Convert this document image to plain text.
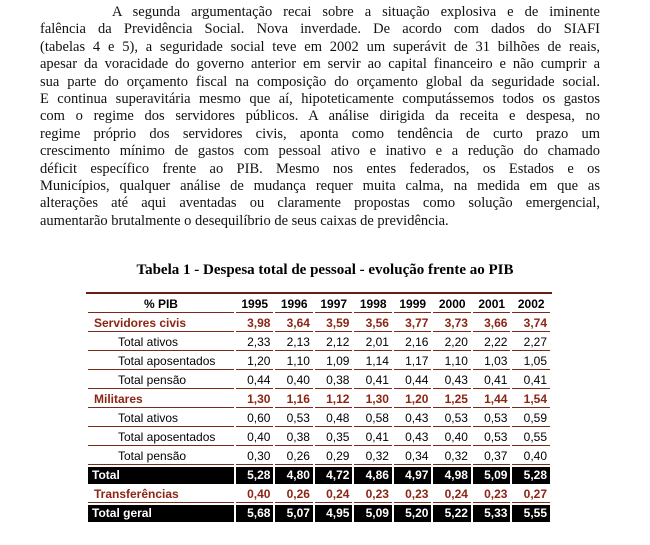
A segunda argumentação recai sobre a situação explosiva e de iminente
falência da Previdência Social. Nova inverdade. De acordo com dados do SIAFI
(tabelas 4 e 5), a seguridade social teve em 2002 um superávit de 31 bilhões de reais,
apesar da voracidade do governo anterior em servir ao capital financeiro e não cumprir a
sua parte do orçamento fiscal na composição do orçamento global da seguridade social.
E continua superavitária mesmo que aí, hipoteticamente computássemos todos os gastos
com o regime dos servidores públicos. A análise dirigida da receita e despesa, no
regime próprio dos servidores civis, aponta como tendência de curto prazo um
crescimento mínimo de gastos com pessoal ativo e inativo e a redução do chamado
déficit específico frente ao PIB. Mesmo nos entes federados, os Estados e os
Municípios, qualquer análise de mudança requer muita calma, na medida em que as
alterações até aqui aventadas ou claramente propostas como solução emergencial,
aumentarão brutalmente o desequilíbrio de seus caixas de previdência.
Tabela 1 - Despesa total de pessoal - evolução frente ao PIB
% PIB	1995	1996	1997	1998	1999	2000	2001	2002
Servidores civis	3,98	3,64	3,59	3,56	3,77	3,73	3,66	3,74
Total ativos	2,33	2,13	2,12	2,01	2,16	2,20	2,22	2,27
Total aposentados	1,20	1,10	1,09	1,14	1,17	1,10	1,03	1,05
Total pensão	0,44	0,40	0,38	0,41	0,44	0,43	0,41	0,41
Militares	1,30	1,16	1,12	1,30	1,20	1,25	1,44	1,54
Total ativos	0,60	0,53	0,48	0,58	0,43	0,53	0,53	0,59
Total aposentados	0,40	0,38	0,35	0,41	0,43	0,40	0,53	0,55
Total pensão	0,30	0,26	0,29	0,32	0,34	0,32	0,37	0,40
Total	5,28	4,80	4,72	4,86	4,97	4,98	5,09	5,28
Transferências	0,40	0,26	0,24	0,23	0,23	0,24	0,23	0,27
Total geral	5,68	5,07	4,95	5,09	5,20	5,22	5,33	5,55
